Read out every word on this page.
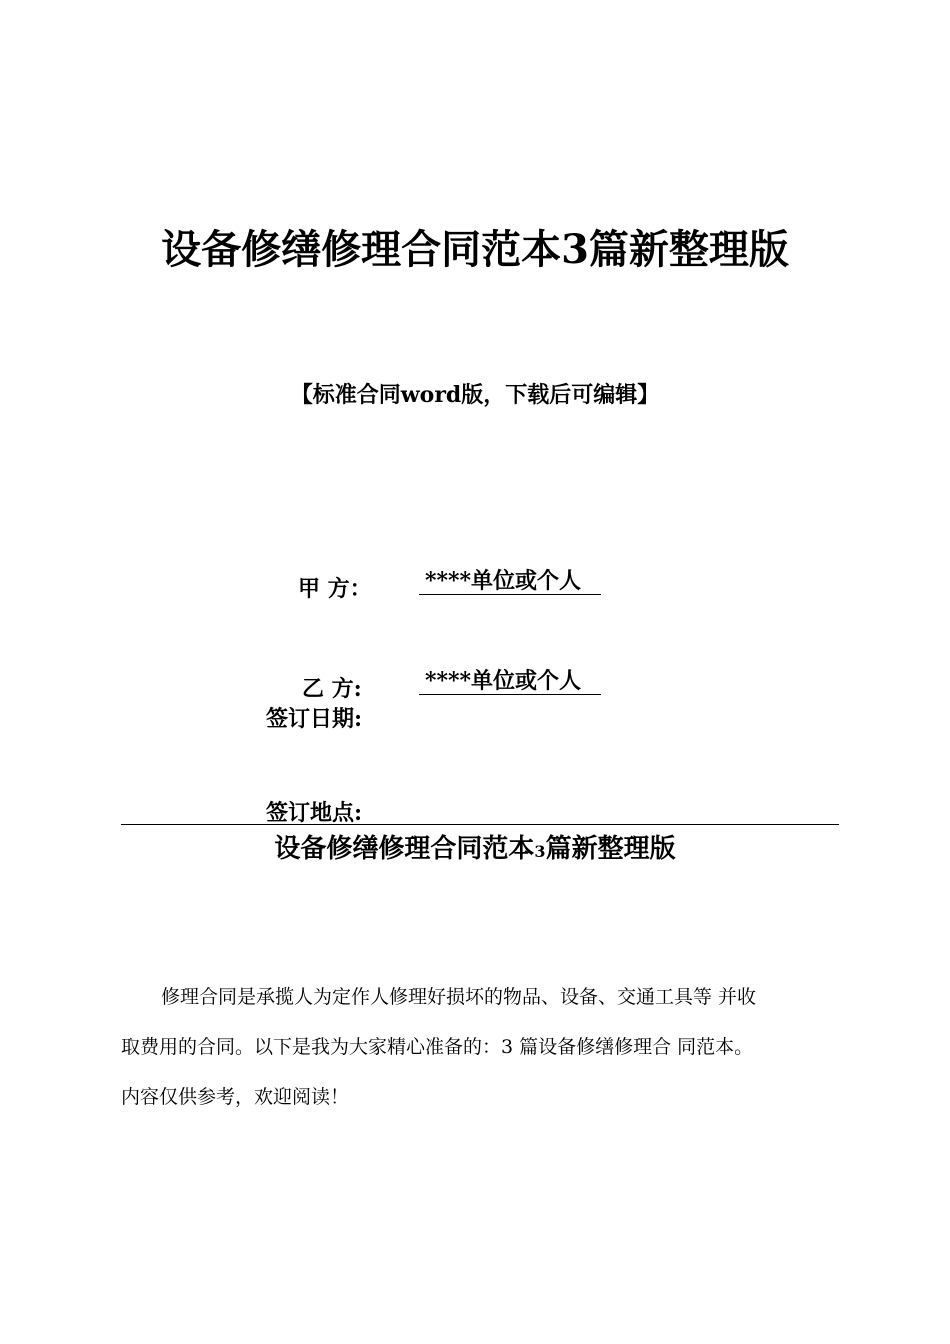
设备修缮修理合同范本3篇新整理版
【标准合同word版，下载后可编辑】
甲 方： ****单位或个人
乙 方:	****单位或个人
签订日期:
签订地点:
设备修缮修理合同范本3篇新整理版
修理合同是承揽人为定作人修理好损坏的物品、设备、交通工具等 并收
取费用的合同。以下是我为大家精心准备的：3 篇设备修缮修理合 同范本。
内容仅供参考，欢迎阅读！
